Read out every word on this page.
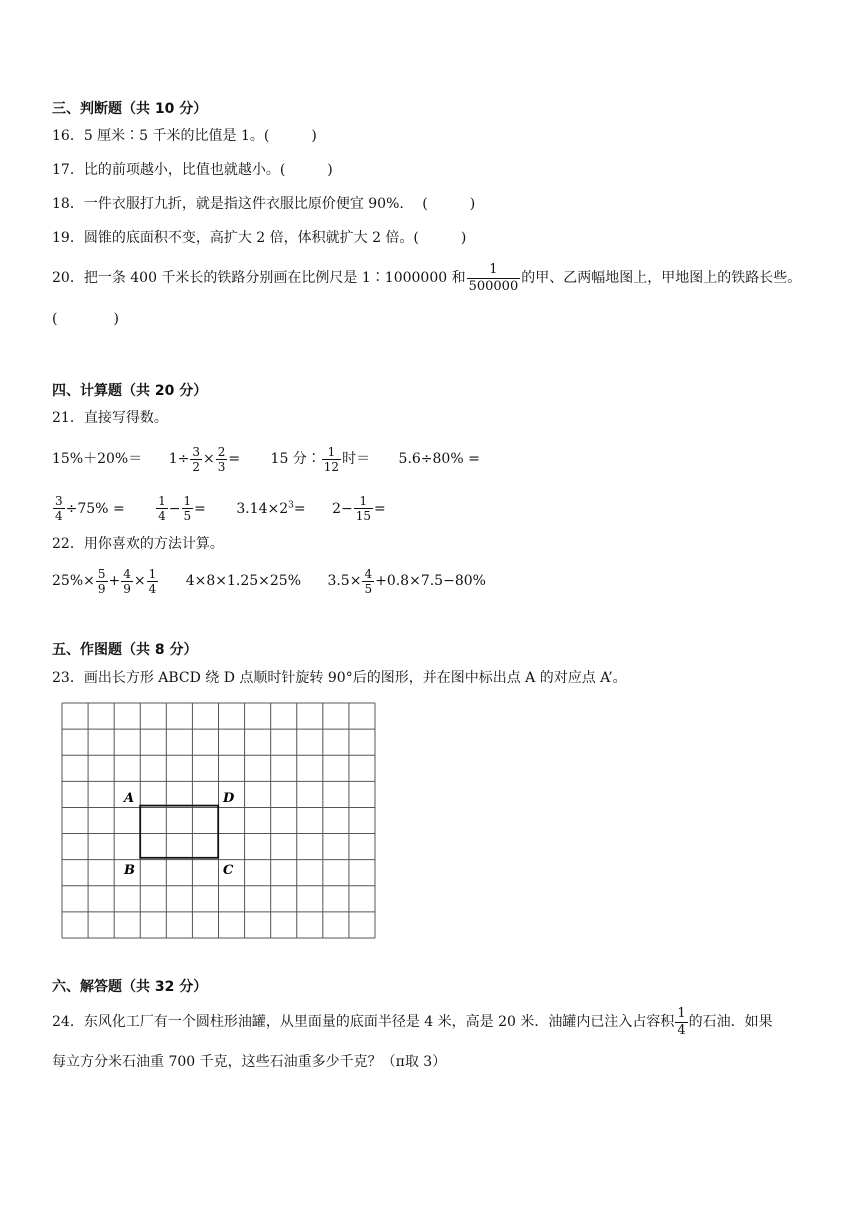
三、判断题（共 10 分）
16．5 厘米∶5 千米的比值是 1。(　　　)
17．比的前项越小，比值也就越小。(　　　)
18．一件衣服打九折，就是指这件衣服比原价便宜 90%.　 (　　　)
19．圆锥的底面积不变，高扩大 2 倍，体积就扩大 2 倍。(　　　)
20．把一条 400 千米长的铁路分别画在比例尺是 1∶1000000 和 $\frac{1}{500000}$ 的甲、乙两幅地图上，甲地图上的铁路长些。
(　　　　)
四、计算题（共 20 分）
21．直接写得数。
$15\%+20\%= 1\div \frac{3}{2} \times \frac{2}{3} = 15$ 分∶ $\frac{1}{12}$ 时＝ 5.6÷80% =
$\frac{3}{4} \div 75\%$ =	$\frac{1}{4} - \frac{1}{5} = 3.14\times 2^3= 2- \frac{1}{15}$ =
22．用你喜欢的方法计算。
$25\%\times \frac{5}{9} + \frac{4}{9} \times \frac{1}{4} 4\times 8\times 1.25\times 25\%$ $3.5\times \frac{4}{5} +0.8\times 7.5-80\%$
五、作图题（共 8 分）
23．画出长方形 ABCD 绕 D 点顺时针旋转 90°后的图形，并在图中标出点 A 的对应点 A’。
A	D
B	C
六、解答题（共 32 分）
24．东风化工厂有一个圆柱形油罐，从里面量的底面半径是 4 米，高是 20 米．油罐内已注入占容积 $\frac{1}{4}$ 的石油．如果
每立方分米石油重 700 千克，这些石油重多少千克？（π取 3）
